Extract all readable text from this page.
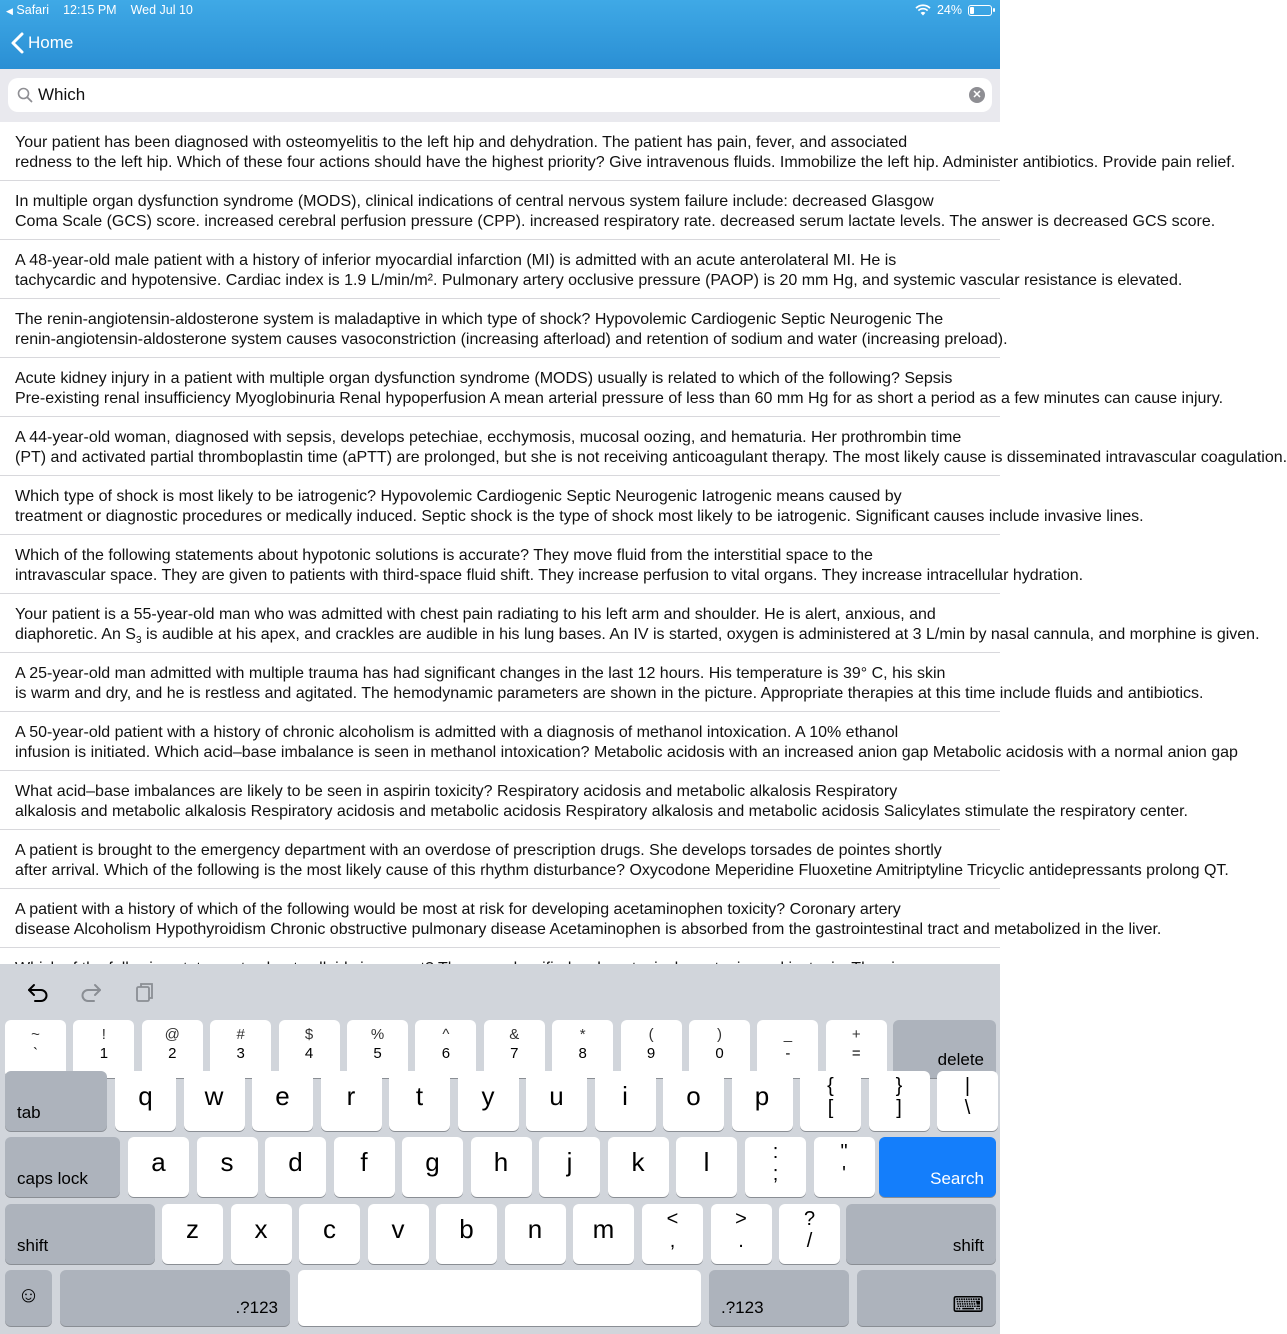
◀ Safari 12:15 PM Wed Jul 10	24%
Home
Which
✕
Your patient has been diagnosed with osteomyelitis to the left hip and dehydration. The patient has pain, fever, and associated
redness to the left hip. Which of these four actions should have the highest priority? Give intravenous fluids. Immobilize the left hip. Administer antibiotics. Provide pain relief.
In multiple organ dysfunction syndrome (MODS), clinical indications of central nervous system failure include: decreased Glasgow
Coma Scale (GCS) score. increased cerebral perfusion pressure (CPP). increased respiratory rate. decreased serum lactate levels. The answer is decreased GCS score.
A 48-year-old male patient with a history of inferior myocardial infarction (MI) is admitted with an acute anterolateral MI. He is
tachycardic and hypotensive. Cardiac index is 1.9 L/min/m². Pulmonary artery occlusive pressure (PAOP) is 20 mm Hg, and systemic vascular resistance is elevated.
The renin-angiotensin-aldosterone system is maladaptive in which type of shock? Hypovolemic Cardiogenic Septic Neurogenic The
renin-angiotensin-aldosterone system causes vasoconstriction (increasing afterload) and retention of sodium and water (increasing preload).
Acute kidney injury in a patient with multiple organ dysfunction syndrome (MODS) usually is related to which of the following? Sepsis
Pre-existing renal insufficiency Myoglobinuria Renal hypoperfusion A mean arterial pressure of less than 60 mm Hg for as short a period as a few minutes can cause injury.
A 44-year-old woman, diagnosed with sepsis, develops petechiae, ecchymosis, mucosal oozing, and hematuria. Her prothrombin time
(PT) and activated partial thromboplastin time (aPTT) are prolonged, but she is not receiving anticoagulant therapy. The most likely cause is disseminated intravascular coagulation.
Which type of shock is most likely to be iatrogenic? Hypovolemic Cardiogenic Septic Neurogenic Iatrogenic means caused by
treatment or diagnostic procedures or medically induced. Septic shock is the type of shock most likely to be iatrogenic. Significant causes include invasive lines.
Which of the following statements about hypotonic solutions is accurate? They move fluid from the interstitial space to the
intravascular space. They are given to patients with third-space fluid shift. They increase perfusion to vital organs. They increase intracellular hydration.
Your patient is a 55-year-old man who was admitted with chest pain radiating to his left arm and shoulder. He is alert, anxious, and
diaphoretic. An $S_3$ is audible at his apex, and crackles are audible in his lung bases. An IV is started, oxygen is administered at 3 L/min by nasal cannula, and morphine is given.
A 25-year-old man admitted with multiple trauma has had significant changes in the last 12 hours. His temperature is 39° C, his skin
is warm and dry, and he is restless and agitated. The hemodynamic parameters are shown in the picture. Appropriate therapies at this time include fluids and antibiotics.
A 50-year-old patient with a history of chronic alcoholism is admitted with a diagnosis of methanol intoxication. A 10% ethanol
infusion is initiated. Which acid–base imbalance is seen in methanol intoxication? Metabolic acidosis with an increased anion gap Metabolic acidosis with a normal anion gap
What acid–base imbalances are likely to be seen in aspirin toxicity? Respiratory acidosis and metabolic alkalosis Respiratory
alkalosis and metabolic alkalosis Respiratory acidosis and metabolic acidosis Respiratory alkalosis and metabolic acidosis Salicylates stimulate the respiratory center.
A patient is brought to the emergency department with an overdose of prescription drugs. She develops torsades de pointes shortly
after arrival. Which of the following is the most likely cause of this rhythm disturbance? Oxycodone Meperidine Fluoxetine Amitriptyline Tricyclic antidepressants prolong QT.
A patient with a history of which of the following would be most at risk for developing acetaminophen toxicity? Coronary artery
disease Alcoholism Hypothyroidism Chronic obstructive pulmonary disease Acetaminophen is absorbed from the gastrointestinal tract and metabolized in the liver.
~
`
!
1
@
2
#
3
$
4
%
5
^
6
&
7
*
8
(
9
)
0
_
-
+
=	delete
tab
q	w	e	r	t	y	u	i	o	p	{
[
}
]
|
\
caps lock
a	s	d	f	g	h	j	k	l	:
;
"
'	Search
shift
z	x	c	v	b	n	m	<
,
>
.
?
/	shift
☺
.?123	.?123	⌨
